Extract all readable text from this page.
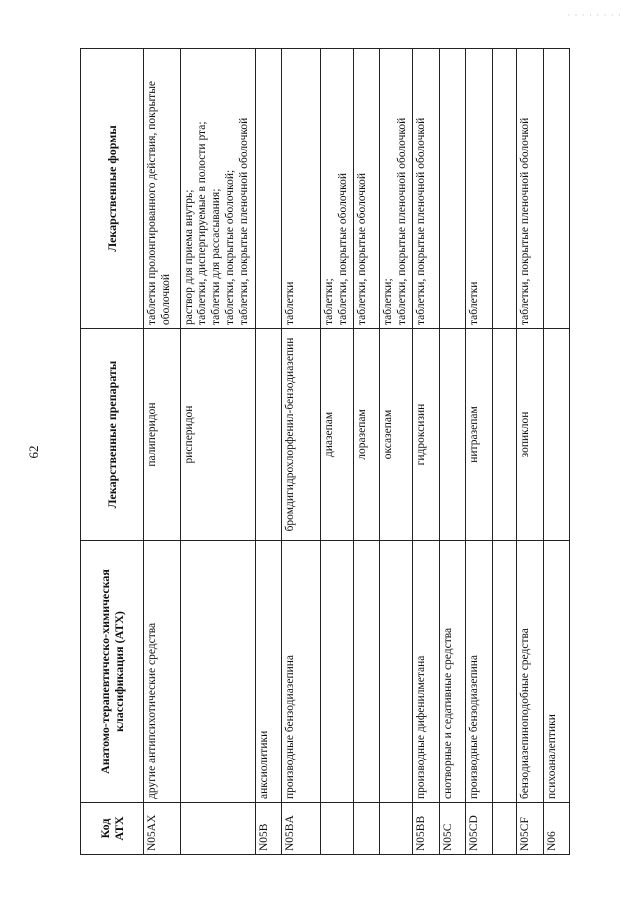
· · · · · · · ·
62
Код АТХ	Анатомо-терапевтическо-химическая классификация (АТХ)	Лекарственные препараты	Лекарственные формы
N05AX	другие антипсихотические средства	палиперидон	таблетки пролонгированного действия, покрытые оболочкой

		рисперидон	раствор для приема внутрь; таблетки, диспергируемые в полости рта; таблетки для рассасывания; таблетки, покрытые оболочкой; таблетки, покрытые пленочной оболочкой

N05B	анксиолитики		
N05BA	производные бензодиазепина	бромдигидрохлорфенил-бензодиазепин	таблетки

		диазепам	таблетки; таблетки, покрытые оболочкой

		лоразепам	таблетки, покрытые оболочкой

		оксазепам	таблетки; таблетки, покрытые пленочной оболочкой

N05BB	производные дифенилметана	гидроксизин	таблетки, покрытые пленочной оболочкой

N05C	снотворные и седативные средства		
N05CD	производные бензодиазепина	нитразепам	таблетки

N05CF	бензодиазепиноподобные средства	зопиклон	таблетки, покрытые пленочной оболочкой

N06	психоаналептики		
